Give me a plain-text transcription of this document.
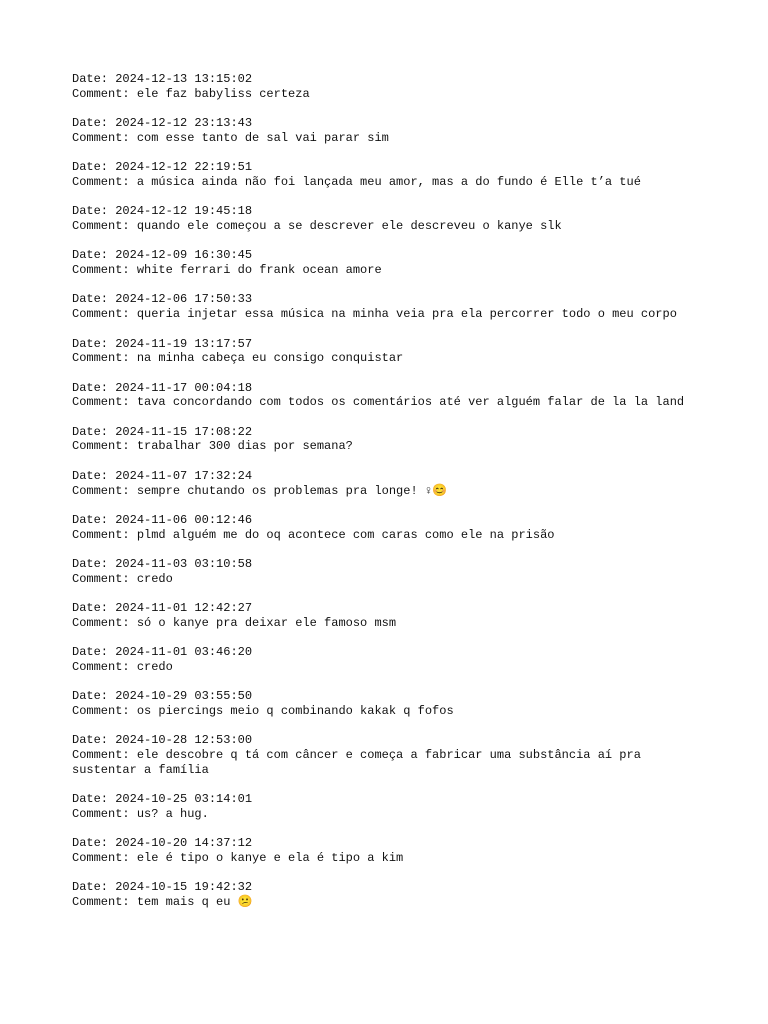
Date: 2024-12-13 13:15:02
Comment: ele faz babyliss certeza
Date: 2024-12-12 23:13:43
Comment: com esse tanto de sal vai parar sim
Date: 2024-12-12 22:19:51
Comment: a música ainda não foi lançada meu amor, mas a do fundo é Elle t’a tué
Date: 2024-12-12 19:45:18
Comment: quando ele começou a se descrever ele descreveu o kanye slk
Date: 2024-12-09 16:30:45
Comment: white ferrari do frank ocean amore
Date: 2024-12-06 17:50:33
Comment: queria injetar essa música na minha veia pra ela percorrer todo o meu corpo
Date: 2024-11-19 13:17:57
Comment: na minha cabeça eu consigo conquistar
Date: 2024-11-17 00:04:18
Comment: tava concordando com todos os comentários até ver alguém falar de la la land
Date: 2024-11-15 17:08:22
Comment: trabalhar 300 dias por semana?
Date: 2024-11-07 17:32:24
Comment: sempre chutando os problemas pra longe! ♀😊
Date: 2024-11-06 00:12:46
Comment: plmd alguém me do oq acontece com caras como ele na prisão
Date: 2024-11-03 03:10:58
Comment: credo
Date: 2024-11-01 12:42:27
Comment: só o kanye pra deixar ele famoso msm
Date: 2024-11-01 03:46:20
Comment: credo
Date: 2024-10-29 03:55:50
Comment: os piercings meio q combinando kakak q fofos
Date: 2024-10-28 12:53:00
Comment: ele descobre q tá com câncer e começa a fabricar uma substância aí pra sustentar a família
Date: 2024-10-25 03:14:01
Comment: us? a hug.
Date: 2024-10-20 14:37:12
Comment: ele é tipo o kanye e ela é tipo a kim
Date: 2024-10-15 19:42:32
Comment: tem mais q eu 😕
